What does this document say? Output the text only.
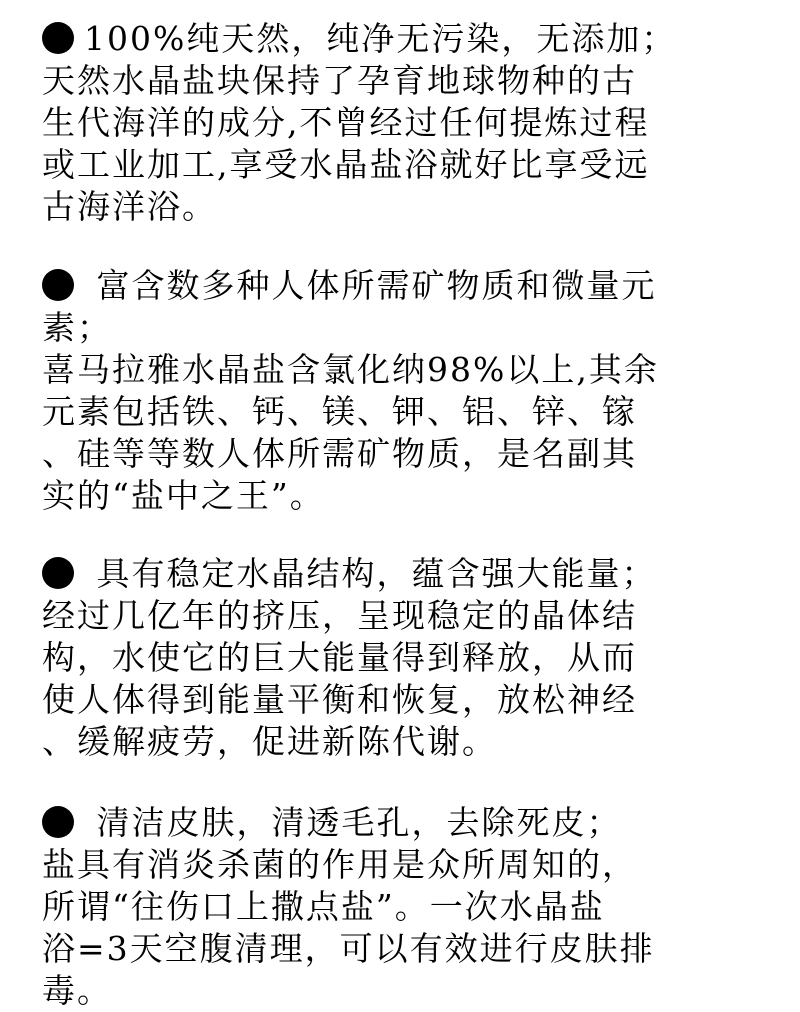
100%纯天然，纯净无污染，无添加；
天然水晶盐块保持了孕育地球物种的古
生代海洋的成分,不曾经过任何提炼过程
或工业加工,享受水晶盐浴就好比享受远
古海洋浴。
富含数多种人体所需矿物质和微量元
素；
喜马拉雅水晶盐含氯化纳98%以上,其余
元素包括铁、钙、镁、钾、铝、锌、镓
、硅等等数人体所需矿物质，是名副其
实的“盐中之王”。
具有稳定水晶结构，蕴含强大能量；
经过几亿年的挤压，呈现稳定的晶体结
构，水使它的巨大能量得到释放，从而
使人体得到能量平衡和恢复，放松神经
、缓解疲劳，促进新陈代谢。
清洁皮肤，清透毛孔，去除死皮；
盐具有消炎杀菌的作用是众所周知的，
所谓“往伤口上撒点盐”。一次水晶盐
浴=3天空腹清理，可以有效进行皮肤排
毒。
